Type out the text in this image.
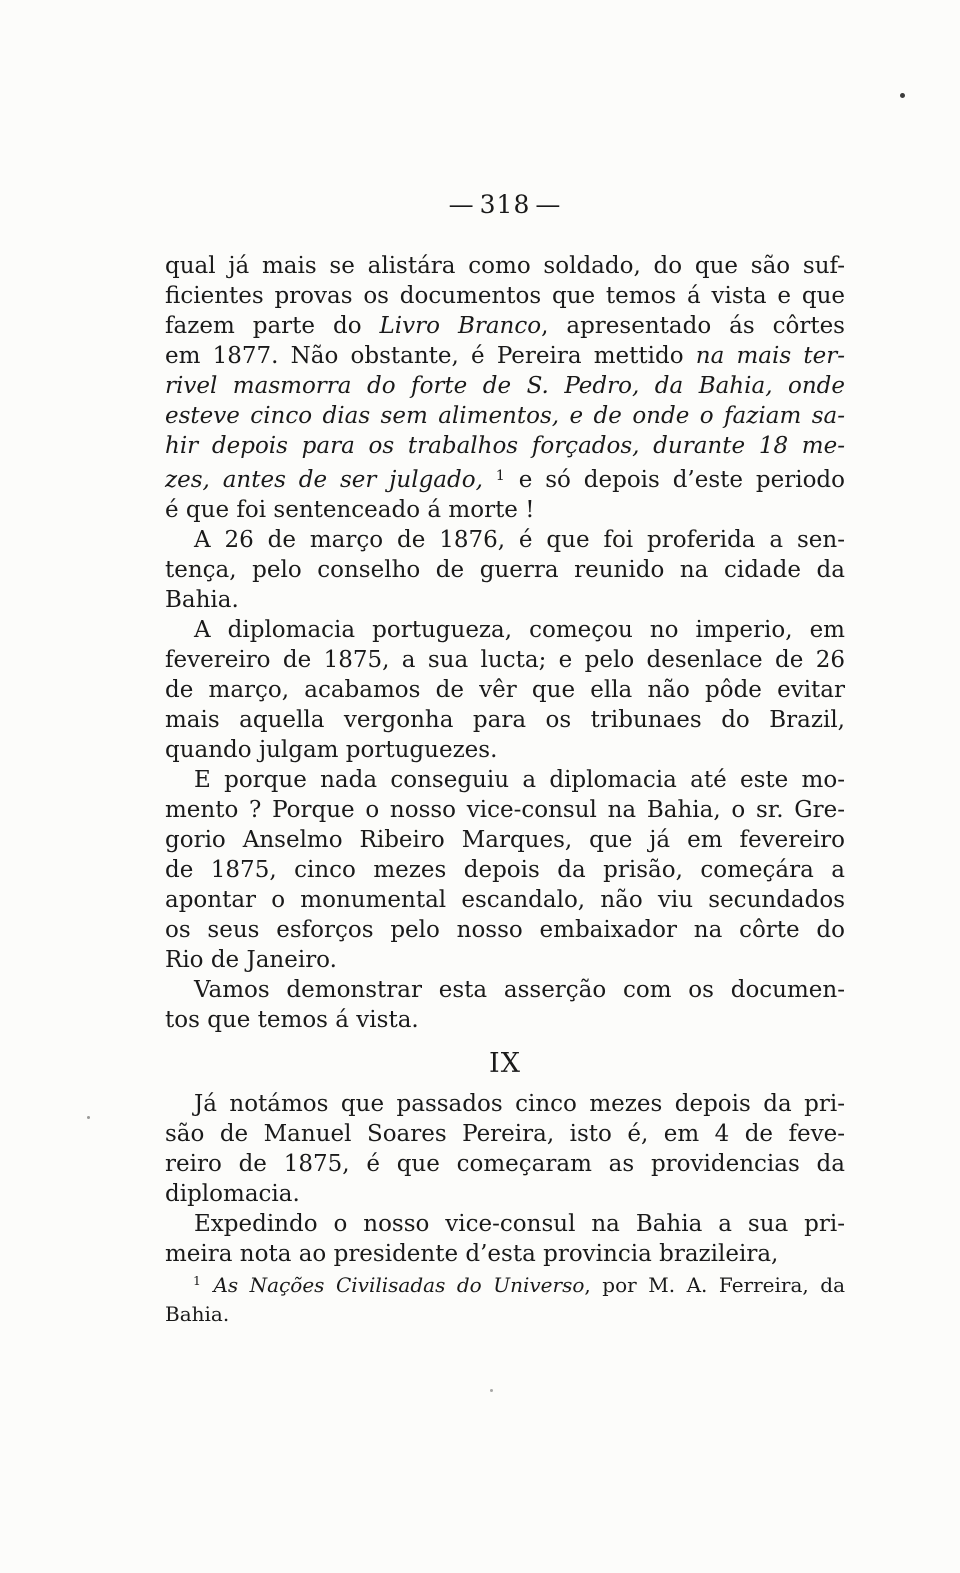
— 318 —
qual já mais se alistára como soldado, do que são suf-
ficientes provas os documentos que temos á vista e que
fazem parte do Livro Branco, apresentado ás côrtes
em 1877. Não obstante, é Pereira mettido na mais ter-
rivel masmorra do forte de S. Pedro, da Bahia, onde
esteve cinco dias sem alimentos, e de onde o faziam sa-
hir depois para os trabalhos forçados, durante 18 me-
zes, antes de ser julgado, $^1$ e só depois d’este periodo
é que foi sentenceado á morte !
A 26 de março de 1876, é que foi proferida a sen-
tença, pelo conselho de guerra reunido na cidade da
Bahia.
A diplomacia portugueza, começou no imperio, em
fevereiro de 1875, a sua lucta; e pelo desenlace de 26
de março, acabamos de vêr que ella não pôde evitar
mais aquella vergonha para os tribunaes do Brazil,
quando julgam portuguezes.
E porque nada conseguiu a diplomacia até este mo-
mento ? Porque o nosso vice-consul na Bahia, o sr. Gre-
gorio Anselmo Ribeiro Marques, que já em fevereiro
de 1875, cinco mezes depois da prisão, começára a
apontar o monumental escandalo, não viu secundados
os seus esforços pelo nosso embaixador na côrte do
Rio de Janeiro.
Vamos demonstrar esta asserção com os documen-
tos que temos á vista.
IX
Já notámos que passados cinco mezes depois da pri-
são de Manuel Soares Pereira, isto é, em 4 de feve-
reiro de 1875, é que começaram as providencias da
diplomacia.
Expedindo o nosso vice-consul na Bahia a sua pri-
meira nota ao presidente d’esta provincia brazileira,
$^1$ As Nações Civilisadas do Universo, por M. A. Ferreira, da
Bahia.
